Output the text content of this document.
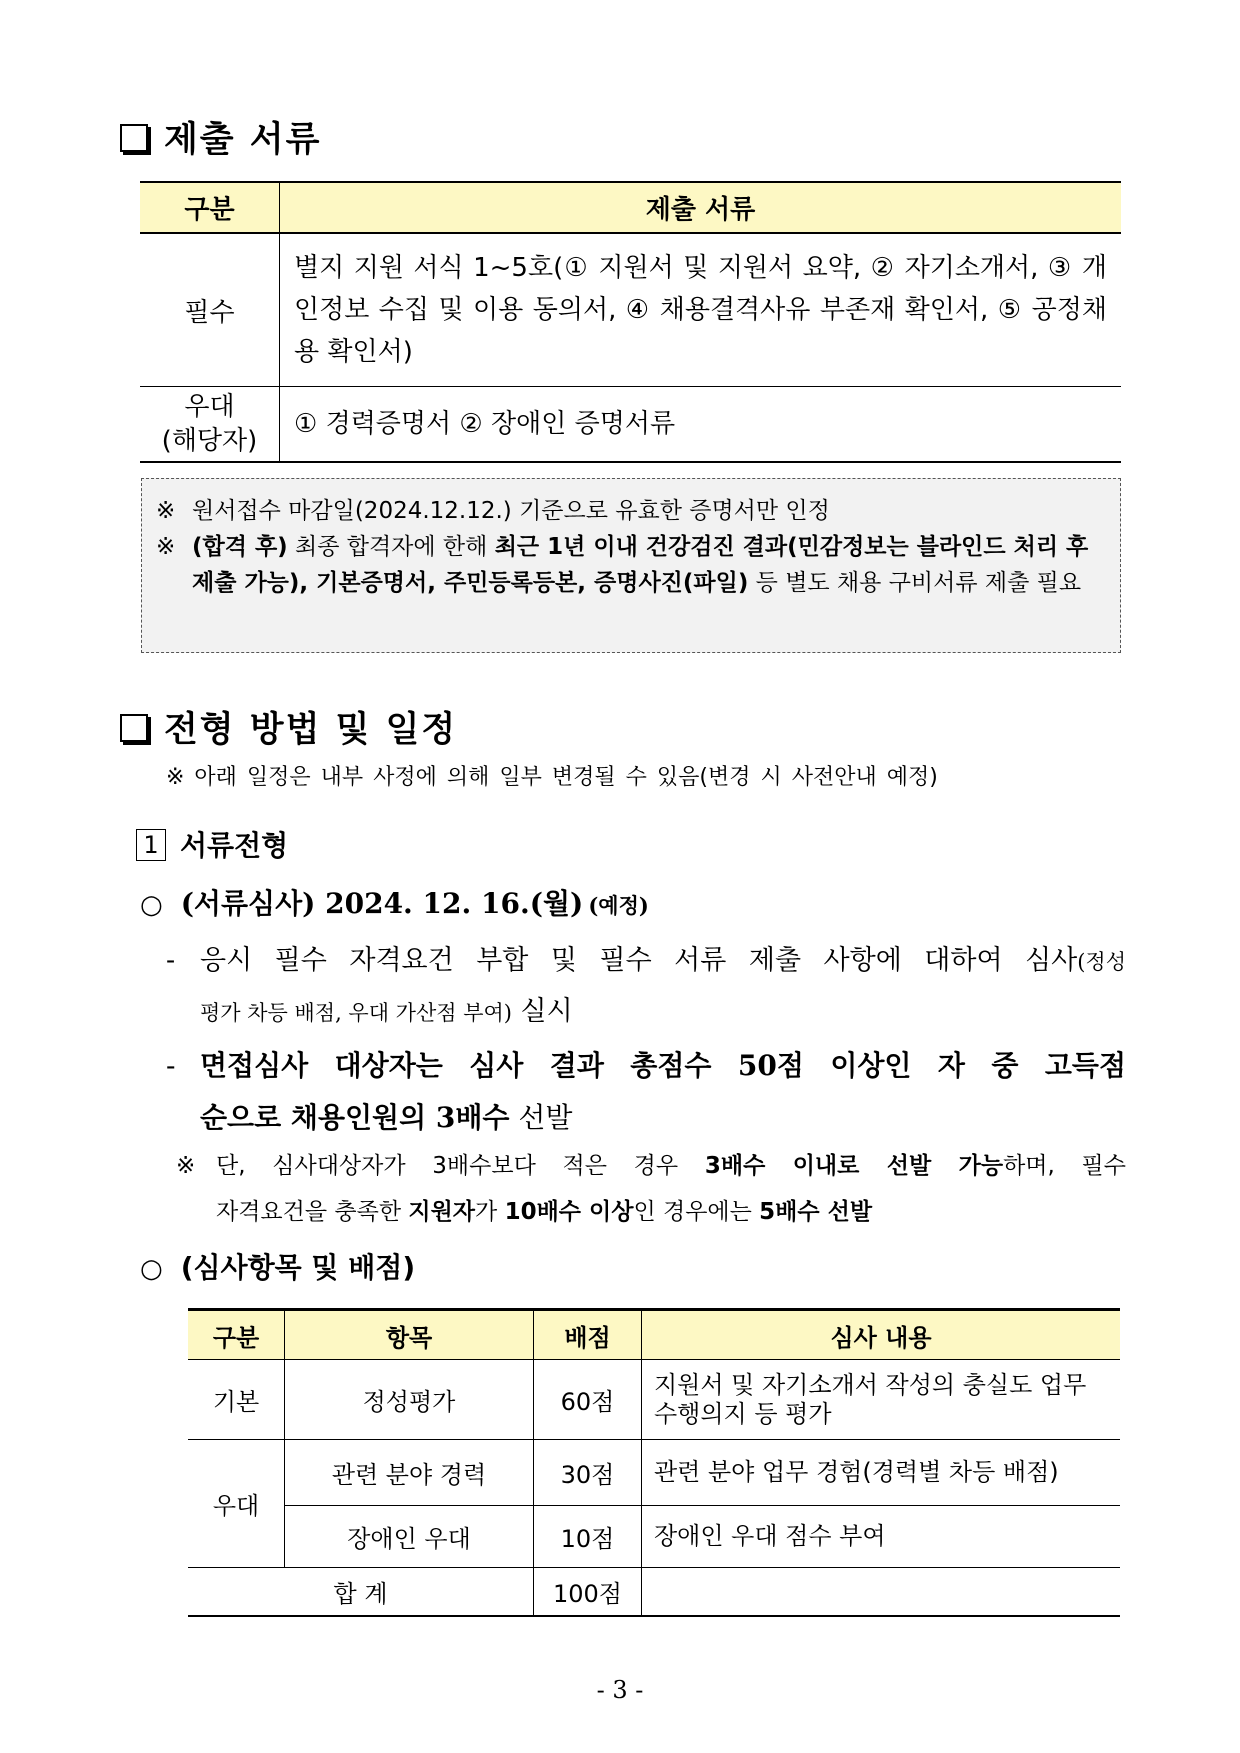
제출 서류
구분	제출 서류
필수	별지 지원 서식 1~5호(① 지원서 및 지원서 요약, ② 자기소개서, ③ 개인정보 수집 및 이용 동의서, ④ 채용결격사유 부존재 확인서, ⑤ 공정채용 확인서)

우대
(해당자)	① 경력증명서 ② 장애인 증명서류
※ 원서접수 마감일(2024.12.12.) 기준으로 유효한 증명서만 인정
※ (합격 후) 최종 합격자에 한해 최근 1년 이내 건강검진 결과(민감정보는 블라인드 처리 후 제출 가능), 기본증명서, 주민등록등본, 증명사진(파일) 등 별도 채용 구비서류 제출 필요
전형 방법 및 일정
※ 아래 일정은 내부 사정에 의해 일부 변경될 수 있음(변경 시 사전안내 예정)
1 서류전형
○ (서류심사) 2024. 12. 16.(월) (예정)
- 응시 필수 자격요건 부합 및 필수 서류 제출 사항에 대하여 심사(정성
평가 차등 배점, 우대 가산점 부여) 실시
- 면접심사 대상자는 심사 결과 총점수 50점 이상인 자 중 고득점
순으로 채용인원의 3배수 선발
※ 단, 심사대상자가 3배수보다 적은 경우 3배수 이내로 선발 가능하며, 필수
자격요건을 충족한 지원자가 10배수 이상인 경우에는 5배수 선발
○ (심사항목 및 배점)
구분	항목	배점	심사 내용
기본	정성평가	60점	지원서 및 자기소개서 작성의 충실도 업무
수행의지 등 평가

우대	관련 분야 경력	30점	관련 분야 업무 경험(경력별 차등 배점)
	장애인 우대	10점	장애인 우대 점수 부여
합 계		100점	
- 3 -
